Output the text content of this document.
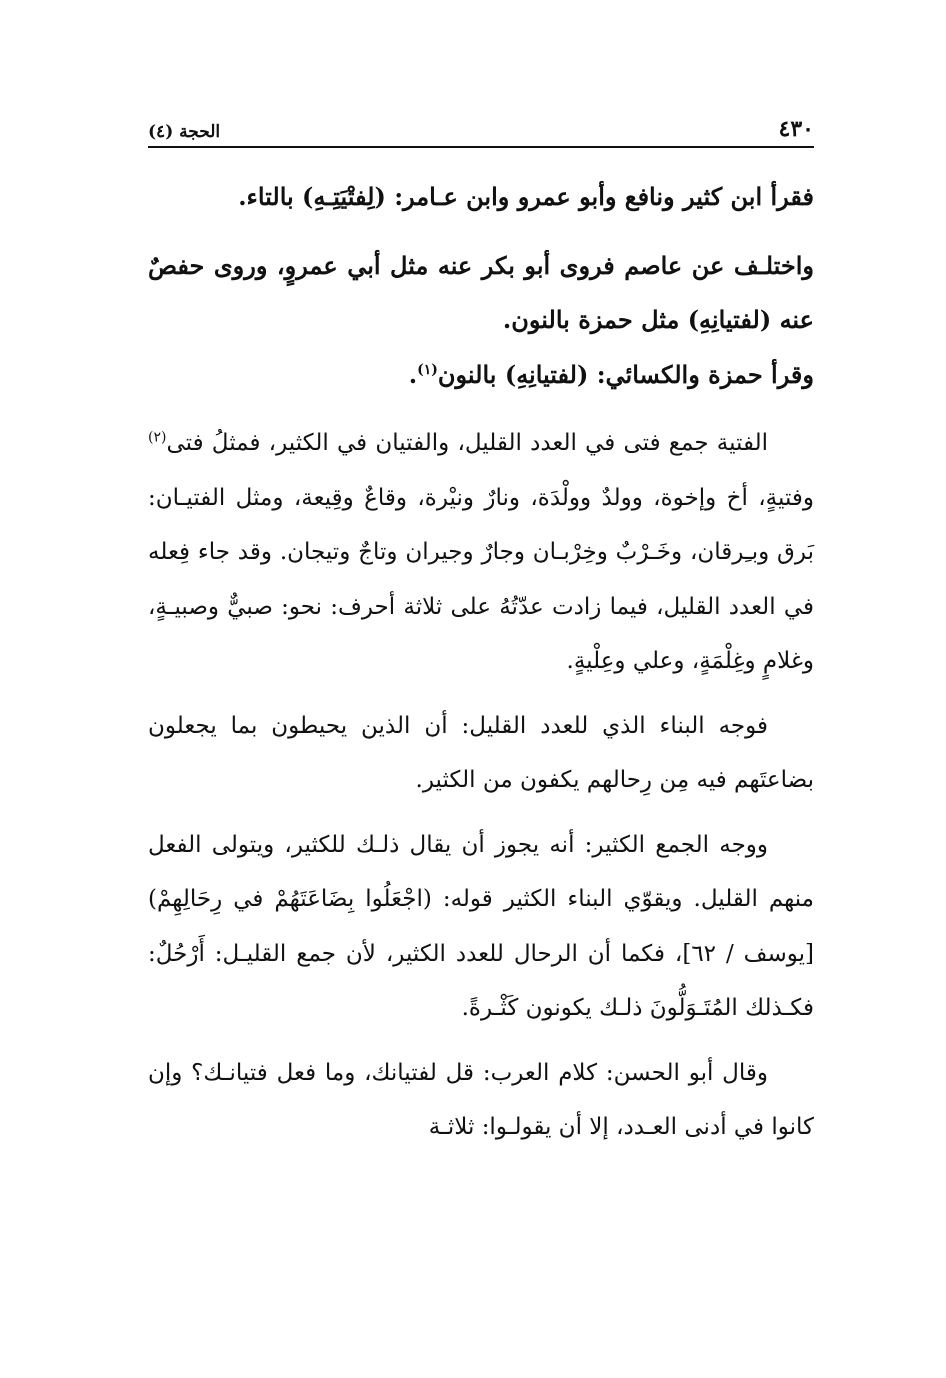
٤٣٠
الحجة (٤)

فقرأ ابن كثير ونافع وأبو عمرو وابن عـامر: (لِفتْيَتِـهِ) بالتاء.

واختلـف عن عاصم فروى أبو بكر عنه مثل أبي عمروٍ، وروى حفصٌ عنه (لفتيانِهِ) مثل حمزة بالنون.

وقرأ حمزة والكسائي: (لفتيانِهِ) بالنون$^{(١)}$.

الفتية جمع فتى في العدد القليل، والفتيان في الكثير، فمثلُ فتى$^{(٢)}$ وفتيةٍ، أخ وإخوة، وولدٌ وولْدَة، ونارٌ ونيْرة، وقاعٌ وقِيعة، ومثل الفتيـان: بَرق وبـِرقان، وخَـرْبٌ وخِرْبـان وجارٌ وجيران وتاجٌ وتيجان. وقد جاء فِعله في العدد القليل، فيما زادت عدّتُهُ على ثلاثة أحرف: نحو: صبيٌّ وصبيـةٍ، وغلامٍ وغِلْمَةٍ، وعلي وعِلْيةٍ.

فوجه البناء الذي للعدد القليل: أن الذين يحيطون بما يجعلون بضاعتَهم فيه مِن رِحالهم يكفون من الكثير.

ووجه الجمع الكثير: أنه يجوز أن يقال ذلـك للكثير، ويتولى الفعل منهم القليل. ويقوّي البناء الكثير قوله: (اجْعَلُوا بِضَاعَتَهُمْ في رِحَالِهِمْ) [يوسف / ٦٢]، فكما أن الرحال للعدد الكثير، لأن جمع القليـل: أَرْحُلٌ: فكـذلك المُتَـوَلُّونَ ذلـك يكونون كَثْـرةً.

وقال أبو الحسن: كلام العرب: قل لفتيانك، وما فعل فتيانـك؟ وإن كانوا في أدنى العـدد، إلا أن يقولـوا: ثلاثـة
